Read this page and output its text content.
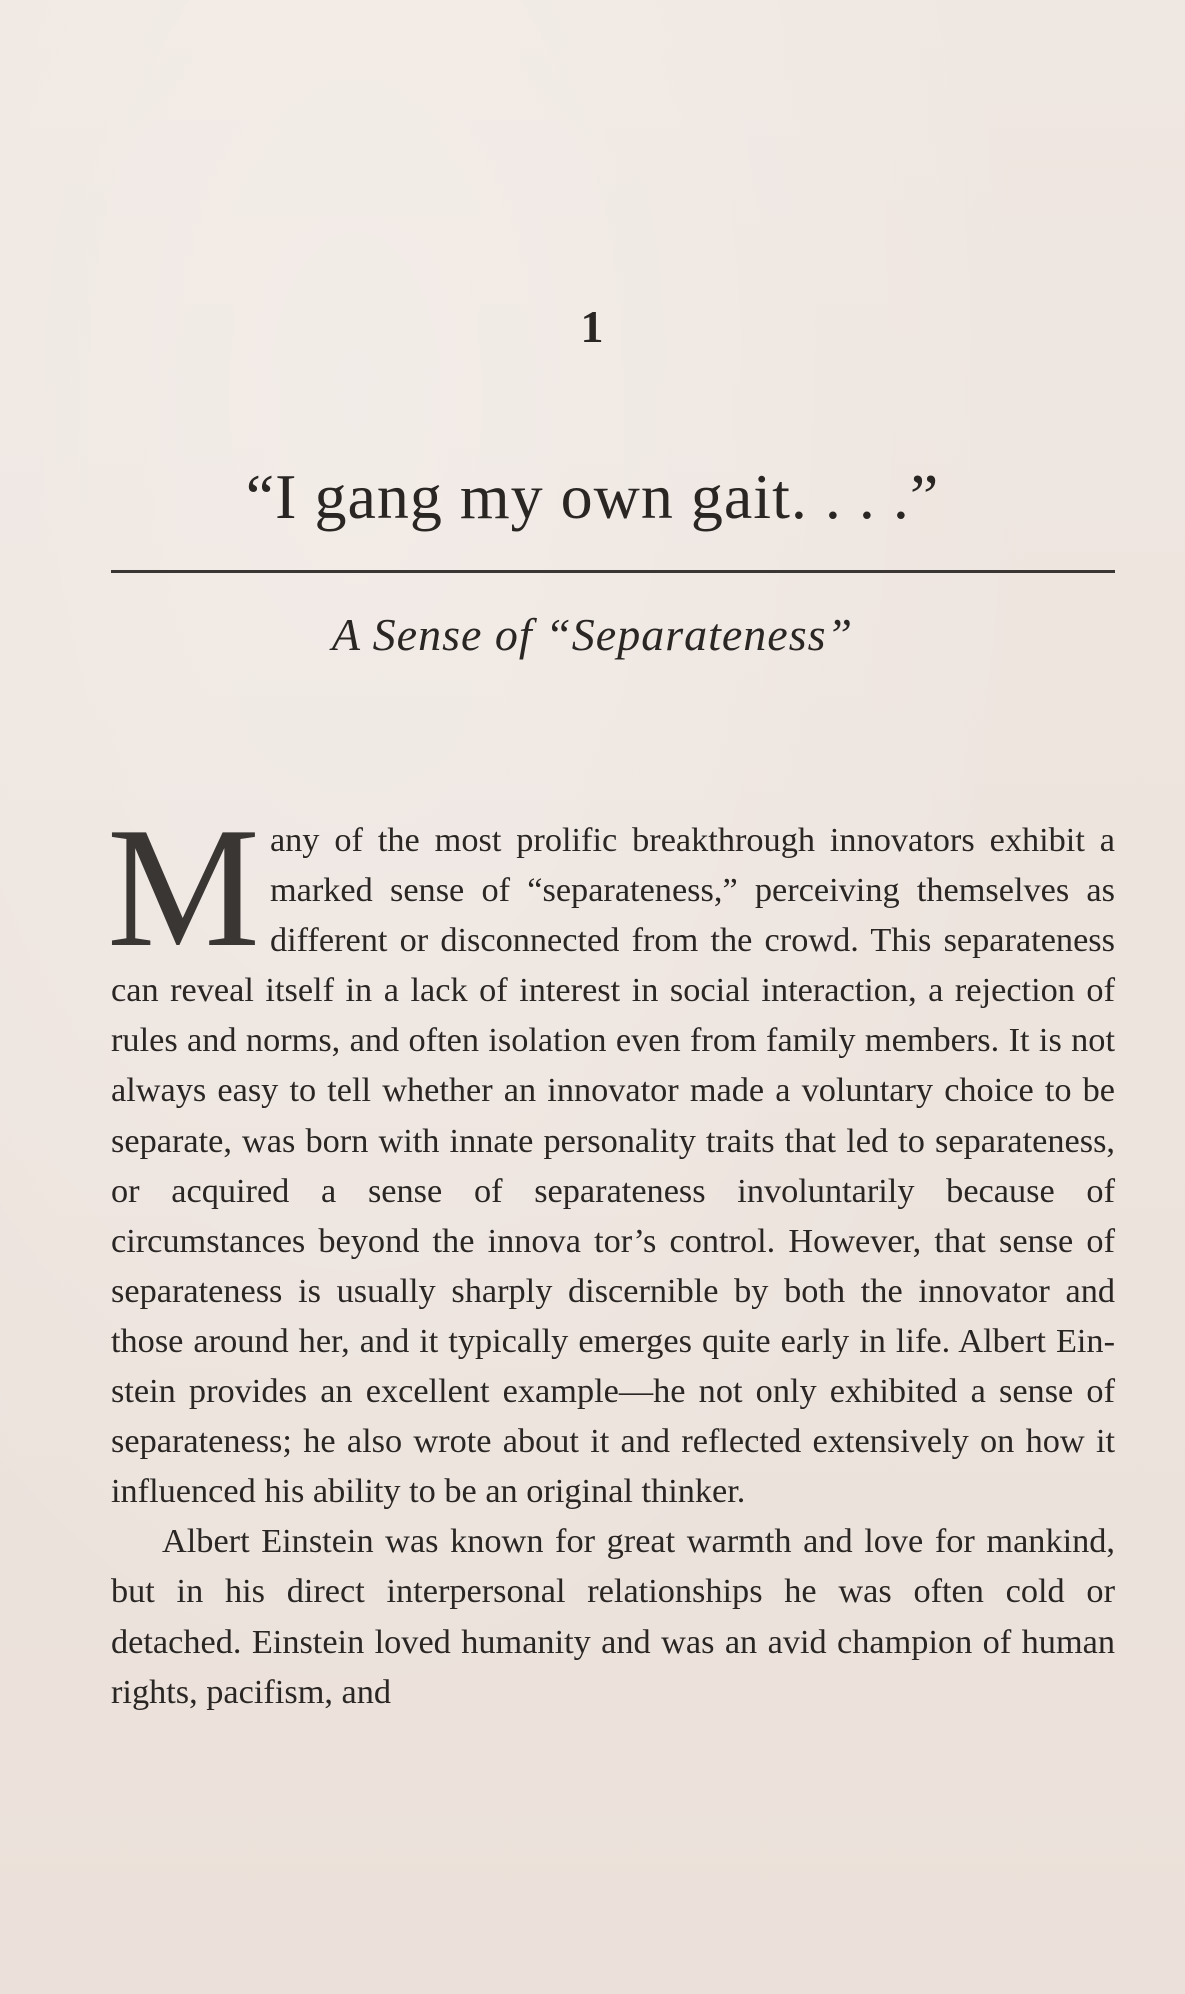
1
“I gang my own gait. . . .”
A Sense of “Separateness”

Many of the most prolific breakthrough innovators exhibit a marked sense of “separateness,” perceiving themselves as different or disconnected from the crowd. This separateness can reveal itself in a lack of interest in social interaction, a rejection of rules and norms, and often isolation even from family members. It is not always easy to tell whether an innovator made a voluntary choice to be separate, was born with innate personality traits that led to separateness, or acquired a sense of separateness involuntarily because of circumstances beyond the innova tor’s control. However, that sense of separateness is usually sharply discernible by both the innovator and those around her, and it typically emerges quite early in life. Albert Ein stein provides an excellent example—he not only exhibited a sense of separateness; he also wrote about it and reflected extensively on how it influenced his ability to be an original thinker.

Albert Einstein was known for great warmth and love for mankind, but in his direct interpersonal relationships he was often cold or detached. Einstein loved humanity and was an avid champion of human rights, pacifism, and
